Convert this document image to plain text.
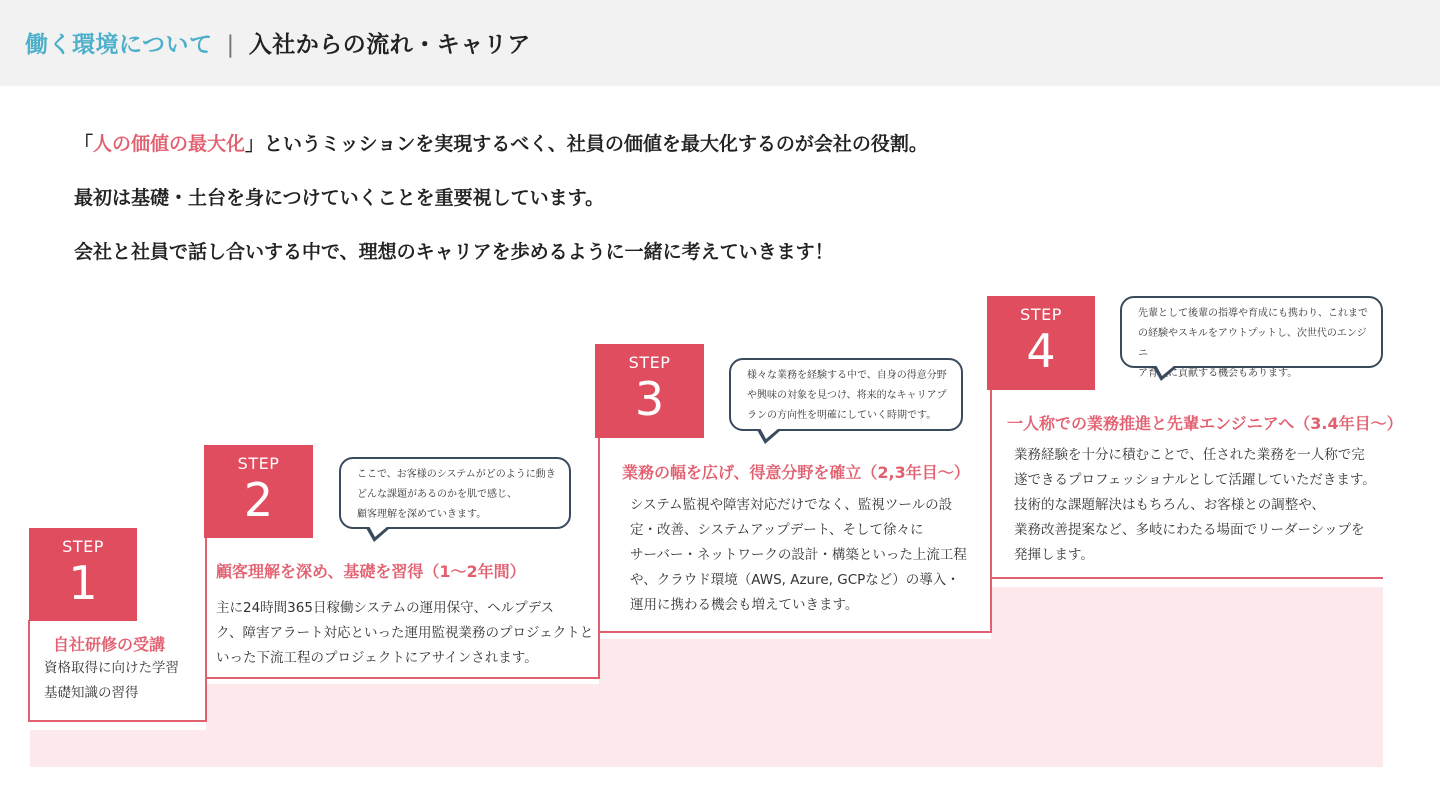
働く環境について | 入社からの流れ・キャリア
「人の価値の最大化」というミッションを実現するべく、社員の価値を最大化するのが会社の役割。
最初は基礎・土台を身につけていくことを重要視しています。
会社と社員で話し合いする中で、理想のキャリアを歩めるように一緒に考えていきます！
STEP
1
自社研修の受講
資格取得に向けた学習
基礎知識の習得
STEP
2	ここで、お客様のシステムがどのように動き
どんな課題があるのかを肌で感じ、
顧客理解を深めていきます。
顧客理解を深め、基礎を習得（1〜2年間）
主に24時間365日稼働システムの運用保守、ヘルプデス
ク、障害アラート対応といった運用監視業務のプロジェクトと
いった下流工程のプロジェクトにアサインされます。
STEP
3	様々な業務を経験する中で、自身の得意分野
や興味の対象を見つけ、将来的なキャリアプ
ランの方向性を明確にしていく時期です。
業務の幅を広げ、得意分野を確立（2,3年目〜）
システム監視や障害対応だけでなく、監視ツールの設
定・改善、システムアップデート、そして徐々に
サーバー・ネットワークの設計・構築といった上流工程
や、クラウド環境（AWS, Azure, GCPなど）の導入・
運用に携わる機会も増えていきます。
STEP
4
先輩として後輩の指導や育成にも携わり、これまで
の経験やスキルをアウトプットし、次世代のエンジニ
ア育成に貢献する機会もあります。
一人称での業務推進と先輩エンジニアへ（3.4年目〜）
業務経験を十分に積むことで、任された業務を一人称で完
遂できるプロフェッショナルとして活躍していただきます。
技術的な課題解決はもちろん、お客様との調整や、
業務改善提案など、多岐にわたる場面でリーダーシップを
発揮します。
